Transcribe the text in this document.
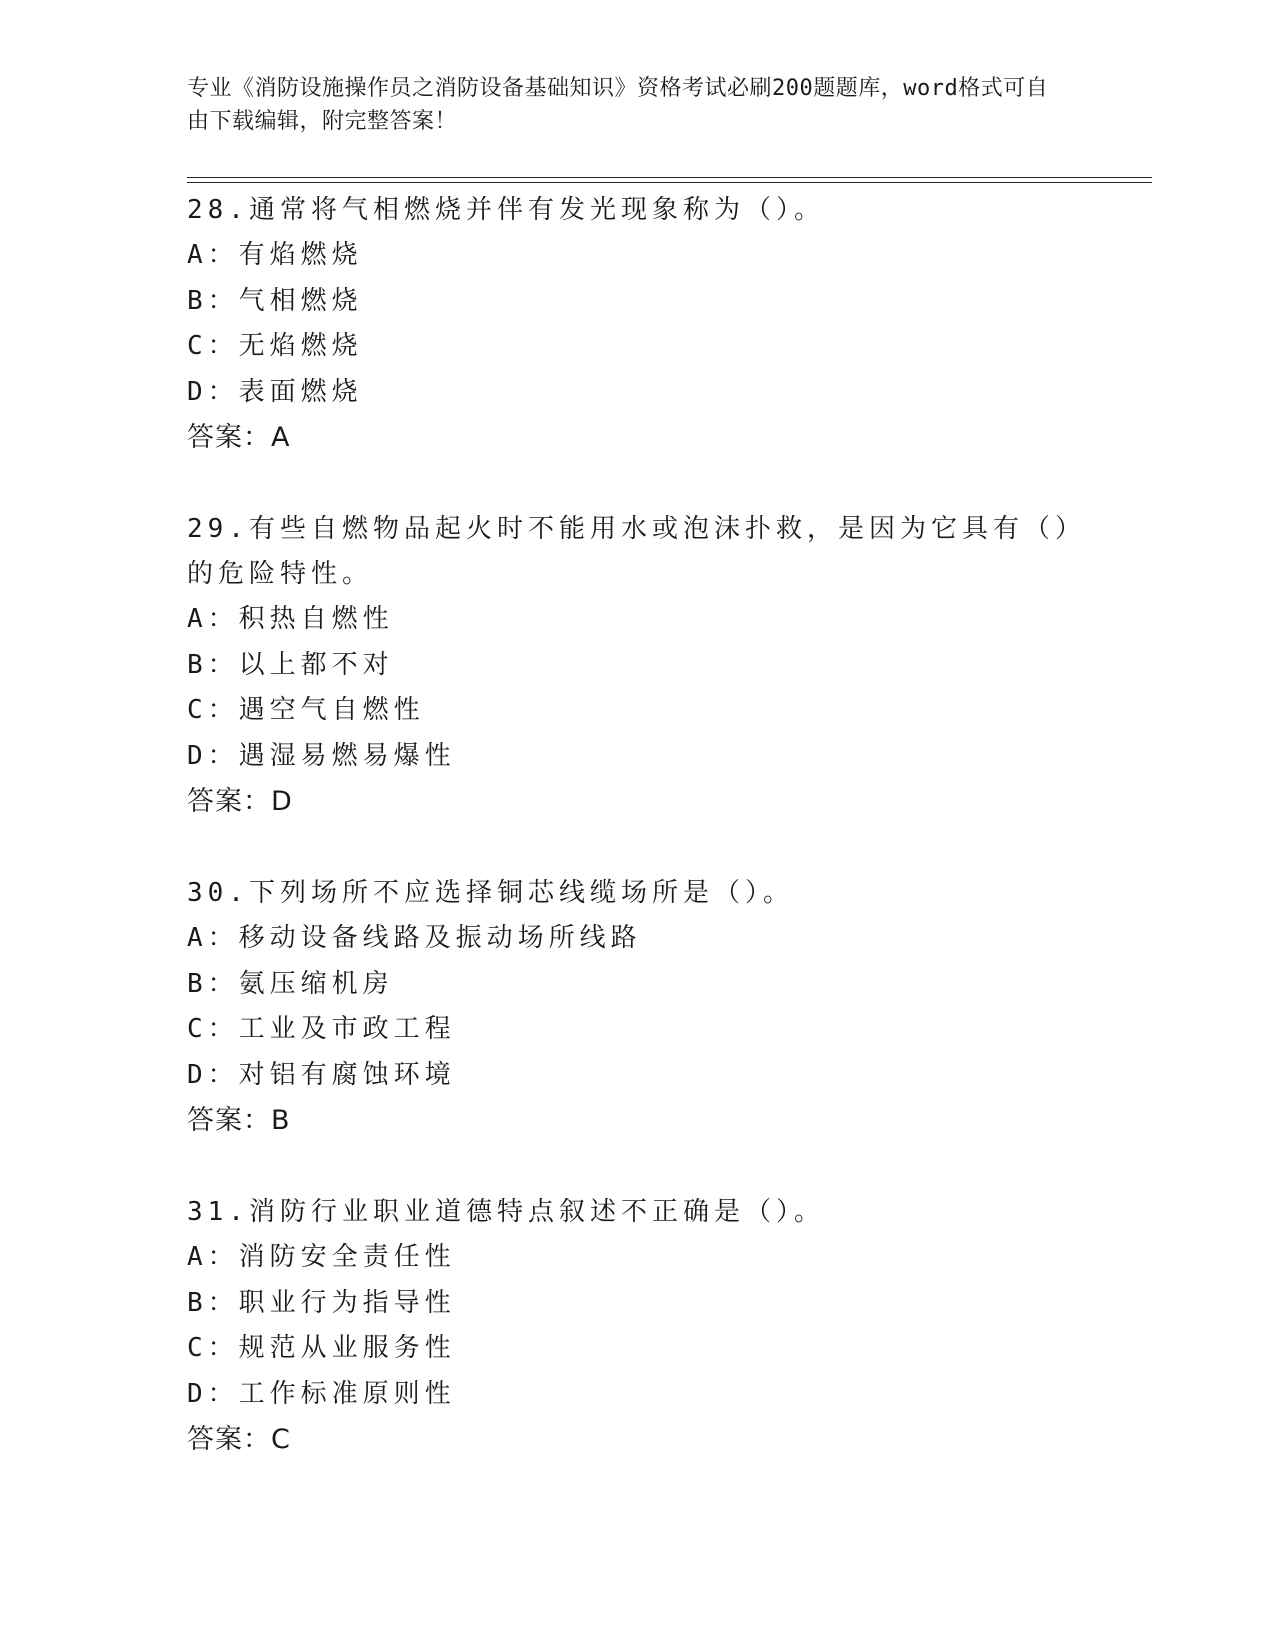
专业《消防设施操作员之消防设备基础知识》资格考试必刷200题题库，word格式可自由下载编辑，附完整答案！

28.通常将气相燃烧并伴有发光现象称为（）。

A：有焰燃烧

B：气相燃烧

C：无焰燃烧

D：表面燃烧

答案：A

29.有些自燃物品起火时不能用水或泡沫扑救，是因为它具有（）的危险特性。

A：积热自燃性

B：以上都不对

C：遇空气自燃性

D：遇湿易燃易爆性

答案：D

30.下列场所不应选择铜芯线缆场所是（）。

A：移动设备线路及振动场所线路

B：氨压缩机房

C：工业及市政工程

D：对铝有腐蚀环境

答案：B

31.消防行业职业道德特点叙述不正确是（）。

A：消防安全责任性

B：职业行为指导性

C：规范从业服务性

D：工作标准原则性

答案：C
